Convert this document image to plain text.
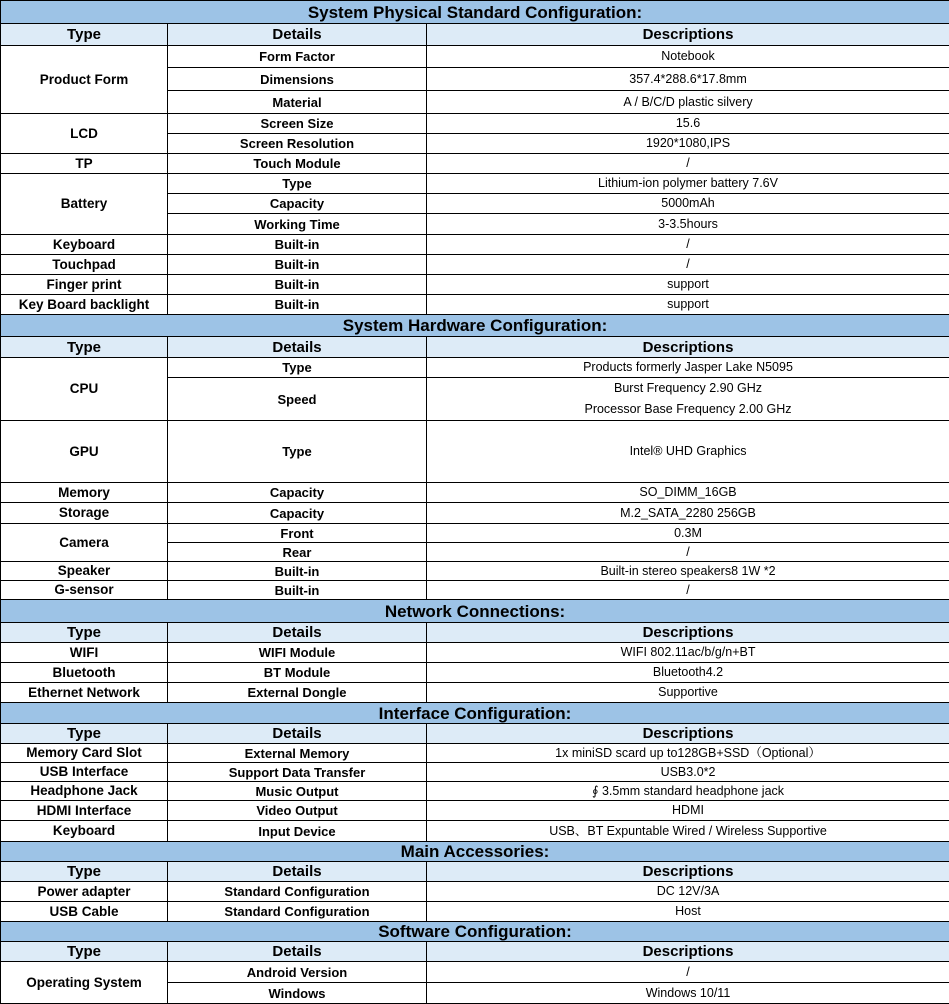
System Physical Standard Configuration:		
Type	Details	Descriptions
Product Form	Form Factor	Notebook
	Dimensions	357.4*288.6*17.8mm
	Material	A / B/C/D plastic silvery
LCD	Screen Size	15.6
	Screen Resolution	1920*1080,IPS
TP	Touch Module	/
Battery	Type	Lithium-ion polymer battery 7.6V
	Capacity	5000mAh
	Working Time	3-3.5hours
Keyboard	Built-in	/
Touchpad	Built-in	/
Finger print	Built-in	support
Key Board backlight	Built-in	support
System Hardware Configuration:		
Type	Details	Descriptions
CPU	Type	Products formerly Jasper Lake N5095
	Speed	Burst Frequency 2.90 GHz
Processor Base Frequency 2.00 GHz

GPU	Type	Intel® UHD Graphics
Memory	Capacity	SO_DIMM_16GB
Storage	Capacity	M.2_SATA_2280 256GB
Camera	Front	0.3M
	Rear	/
Speaker	Built-in	Built-in stereo speakers8 1W *2
G-sensor	Built-in	/
Network Connections:		
Type	Details	Descriptions
WIFI	WIFI Module	WIFI 802.11ac/b/g/n+BT
Bluetooth	BT Module	Bluetooth4.2
Ethernet Network	External Dongle	Supportive
Interface Configuration:		
Type	Details	Descriptions
Memory Card Slot	External Memory	1x miniSD scard up to128GB+SSD（Optional）
USB Interface	Support Data Transfer	USB3.0*2
Headphone Jack	Music Output	∮ 3.5mm standard headphone jack
HDMI Interface	Video Output	HDMI
Keyboard	Input Device	USB、BT Expuntable Wired / Wireless Supportive
Main Accessories:		
Type	Details	Descriptions
Power adapter	Standard Configuration	DC 12V/3A
USB Cable	Standard Configuration	Host
Software Configuration:		
Type	Details	Descriptions
Operating System	Android Version	/
	Windows	Windows 10/11
